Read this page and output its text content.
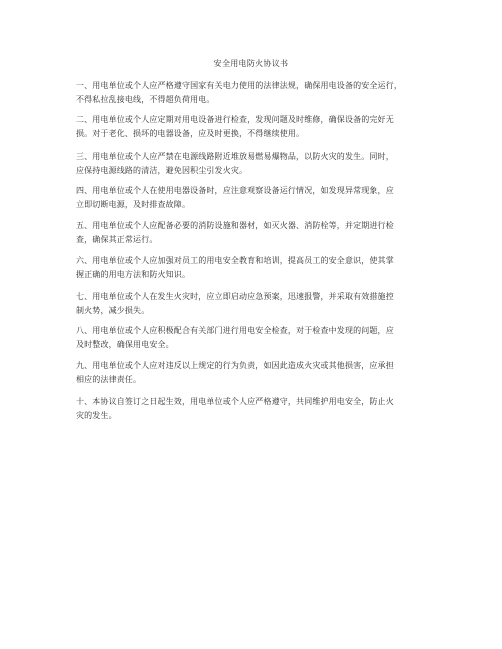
安全用电防火协议书

一、用电单位或个人应严格遵守国家有关电力使用的法律法规，确保用电设备的安全运行，
不得私拉乱接电线，不得超负荷用电。

二、用电单位或个人应定期对用电设备进行检查，发现问题及时维修，确保设备的完好无
损。对于老化、损坏的电器设备，应及时更换，不得继续使用。

三、用电单位或个人应严禁在电源线路附近堆放易燃易爆物品，以防火灾的发生。同时，
应保持电源线路的清洁，避免因积尘引发火灾。

四、用电单位或个人在使用电器设备时，应注意观察设备运行情况，如发现异常现象，应
立即切断电源，及时排查故障。

五、用电单位或个人应配备必要的消防设施和器材，如灭火器、消防栓等，并定期进行检
查，确保其正常运行。

六、用电单位或个人应加强对员工的用电安全教育和培训，提高员工的安全意识，使其掌
握正确的用电方法和防火知识。

七、用电单位或个人在发生火灾时，应立即启动应急预案，迅速报警，并采取有效措施控
制火势，减少损失。

八、用电单位或个人应积极配合有关部门进行用电安全检查，对于检查中发现的问题，应
及时整改，确保用电安全。

九、用电单位或个人应对违反以上规定的行为负责，如因此造成火灾或其他损害，应承担
相应的法律责任。

十、本协议自签订之日起生效，用电单位或个人应严格遵守，共同维护用电安全，防止火
灾的发生。
